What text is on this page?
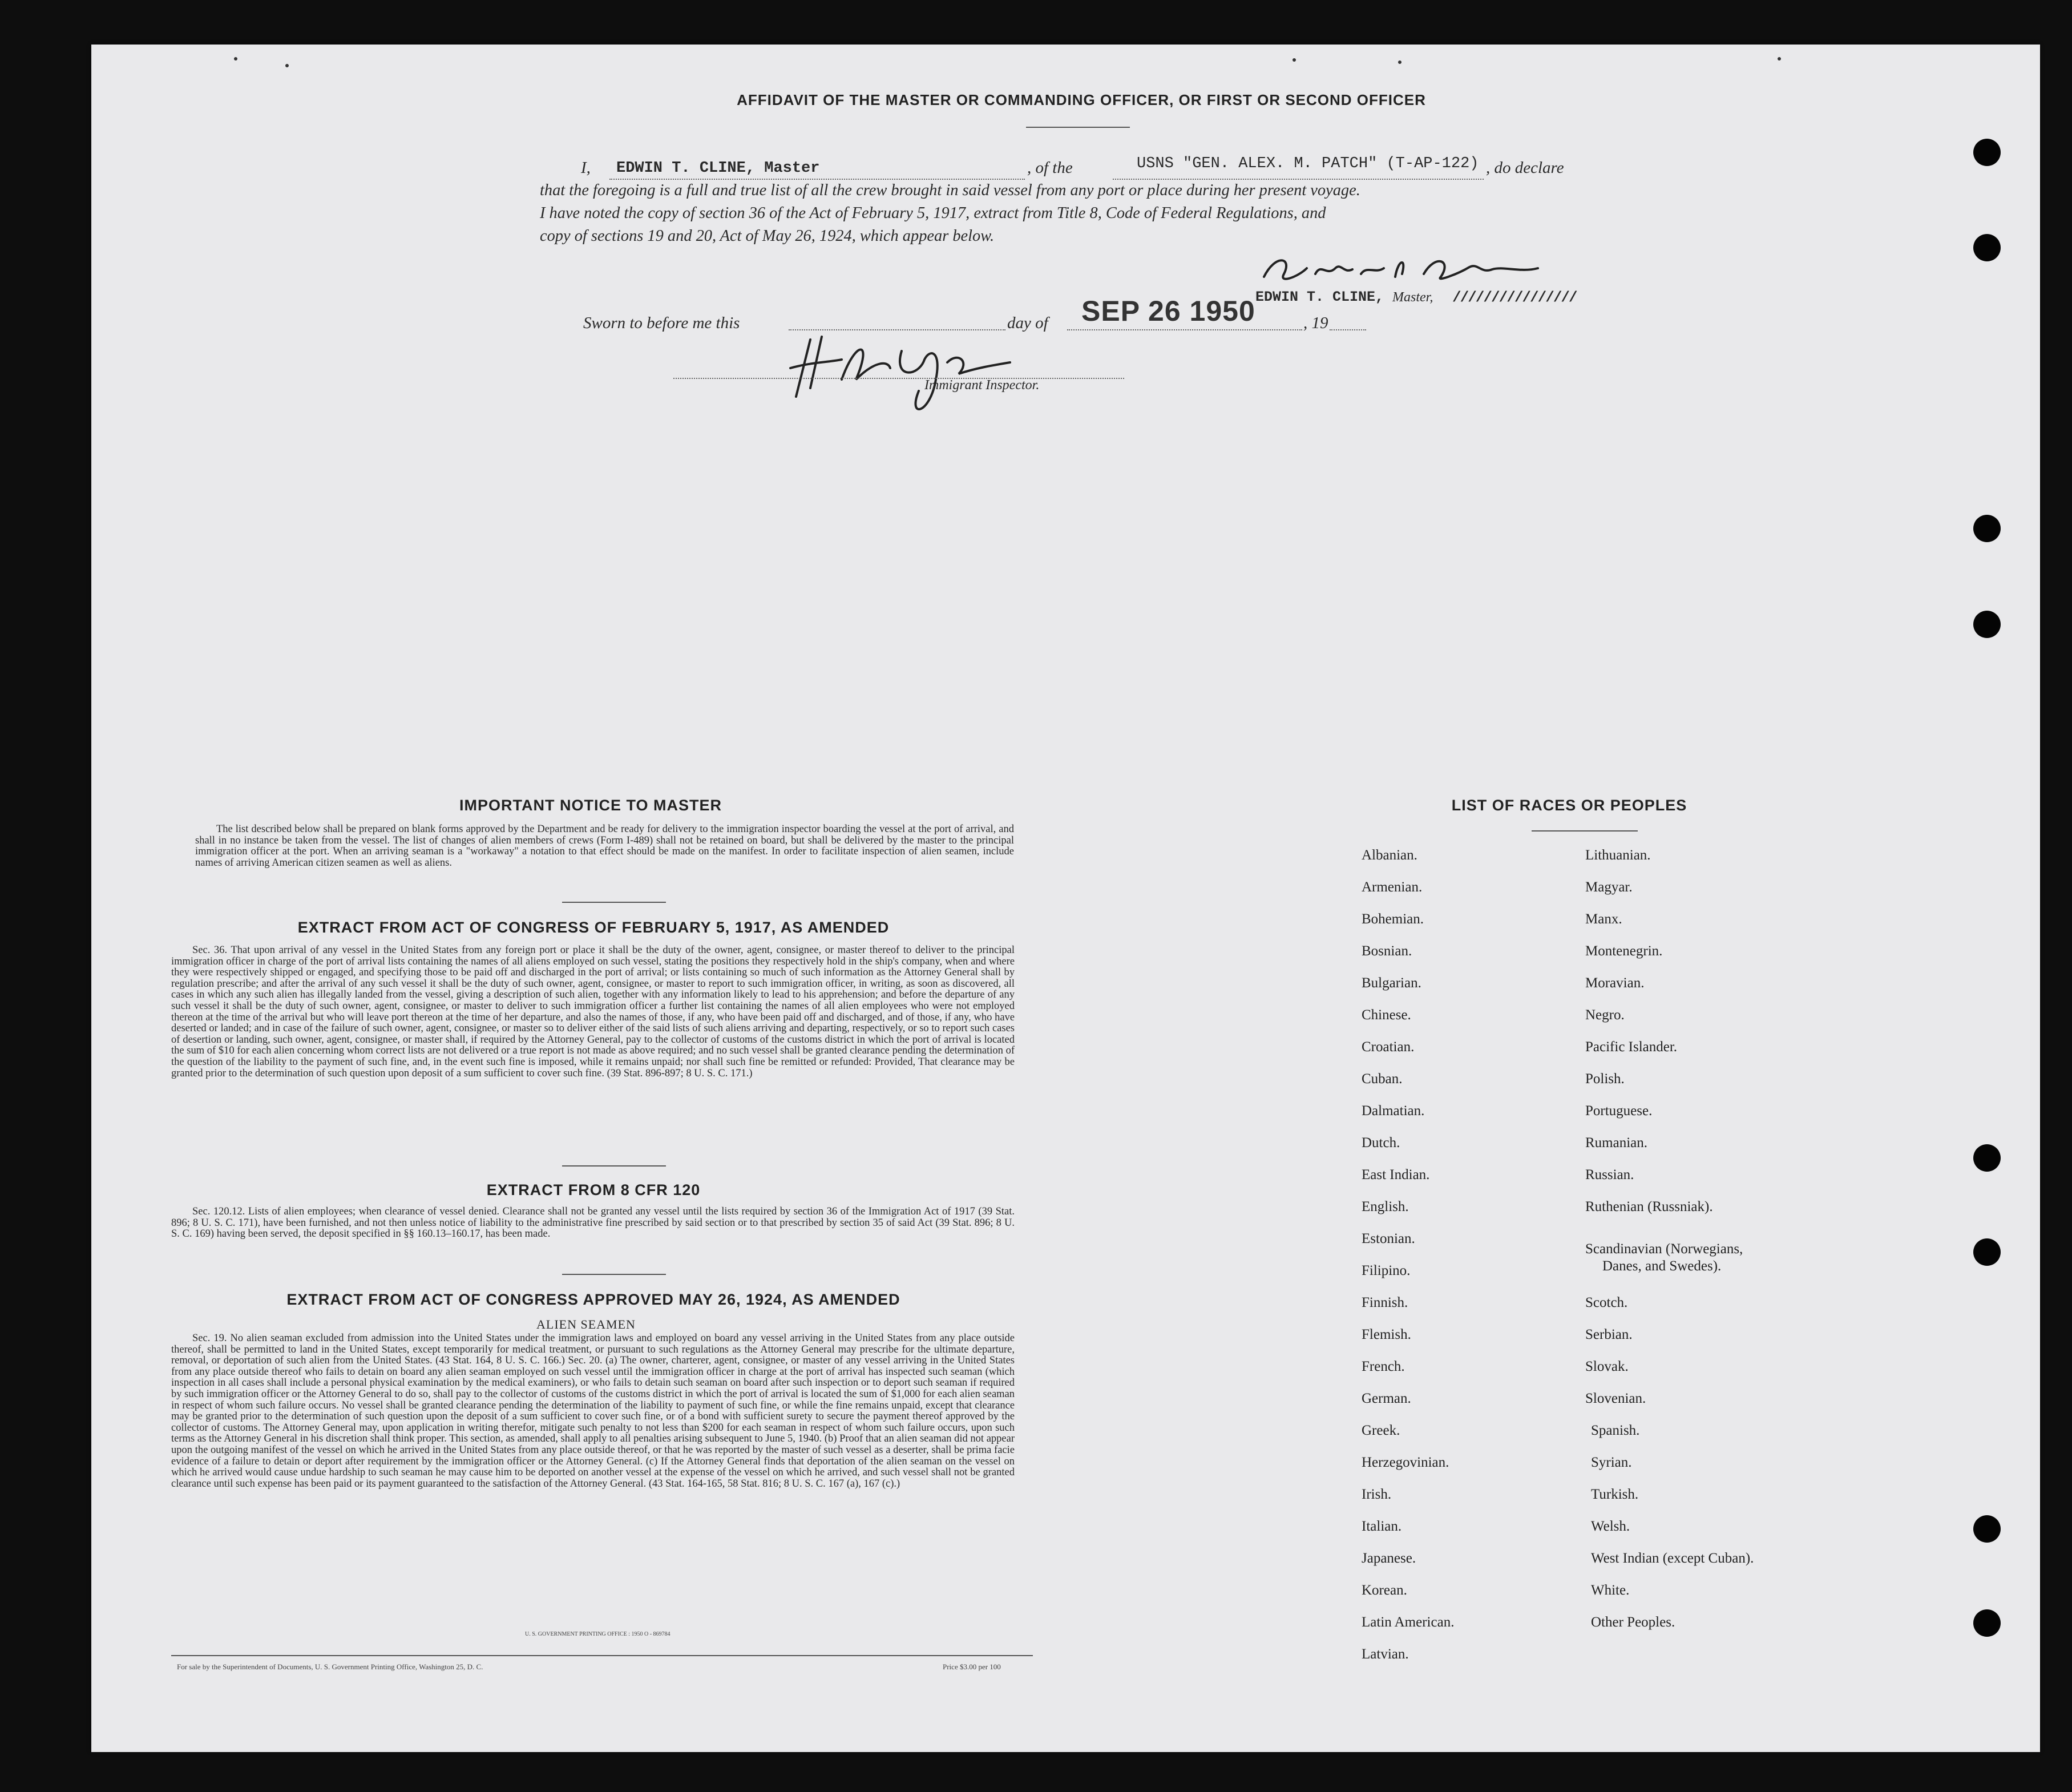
AFFIDAVIT OF THE MASTER OR COMMANDING OFFICER, OR FIRST OR SECOND OFFICER
I, EDWIN T. CLINE, Master	, of the	USNS "GEN. ALEX. M. PATCH" (T-AP-122) , do declare
that the foregoing is a full and true list of all the crew brought in said vessel from any port or place during her present voyage.
I have noted the copy of section 36 of the Act of February 5, 1917, extract from Title 8, Code of Federal Regulations, and
copy of sections 19 and 20, Act of May 26, 1924, which appear below.
Sworn to before me this	day of SEP 26 1950	, 19
EDWIN T. CLINE, Master, ////////////////
Immigrant Inspector.
IMPORTANT NOTICE TO MASTER

The list described below shall be prepared on blank forms approved by the Department and be ready for delivery to the immigration inspector boarding the vessel at the port of arrival, and shall in no instance be taken from the vessel. The list of changes of alien members of crews (Form I-489) shall not be retained on board, but shall be delivered by the master to the principal immigration officer at the port. When an arriving seaman is a "workaway" a notation to that effect should be made on the manifest. In order to facilitate inspection of alien seamen, include names of arriving American citizen seamen as well as aliens.

EXTRACT FROM ACT OF CONGRESS OF FEBRUARY 5, 1917, AS AMENDED

Sec. 36. That upon arrival of any vessel in the United States from any foreign port or place it shall be the duty of the owner, agent, consignee, or master thereof to deliver to the principal immigration officer in charge of the port of arrival lists containing the names of all aliens employed on such vessel, stating the positions they respectively hold in the ship's company, when and where they were respectively shipped or engaged, and specifying those to be paid off and discharged in the port of arrival; or lists containing so much of such information as the Attorney General shall by regulation prescribe; and after the arrival of any such vessel it shall be the duty of such owner, agent, consignee, or master to report to such immigration officer, in writing, as soon as discovered, all cases in which any such alien has illegally landed from the vessel, giving a description of such alien, together with any information likely to lead to his apprehension; and before the departure of any such vessel it shall be the duty of such owner, agent, consignee, or master to deliver to such immigration officer a further list containing the names of all alien employees who were not employed thereon at the time of the arrival but who will leave port thereon at the time of her departure, and also the names of those, if any, who have been paid off and discharged, and of those, if any, who have deserted or landed; and in case of the failure of such owner, agent, consignee, or master so to deliver either of the said lists of such aliens arriving and departing, respectively, or so to report such cases of desertion or landing, such owner, agent, consignee, or master shall, if required by the Attorney General, pay to the collector of customs of the customs district in which the port of arrival is located the sum of $10 for each alien concerning whom correct lists are not delivered or a true report is not made as above required; and no such vessel shall be granted clearance pending the determination of the question of the liability to the payment of such fine, and, in the event such fine is imposed, while it remains unpaid; nor shall such fine be remitted or refunded: Provided, That clearance may be granted prior to the determination of such question upon deposit of a sum sufficient to cover such fine. (39 Stat. 896-897; 8 U. S. C. 171.)

EXTRACT FROM 8 CFR 120

Sec. 120.12. Lists of alien employees; when clearance of vessel denied. Clearance shall not be granted any vessel until the lists required by section 36 of the Immigration Act of 1917 (39 Stat. 896; 8 U. S. C. 171), have been furnished, and not then unless notice of liability to the administrative fine prescribed by said section or to that prescribed by section 35 of said Act (39 Stat. 896; 8 U. S. C. 169) having been served, the deposit specified in §§ 160.13–160.17, has been made.

EXTRACT FROM ACT OF CONGRESS APPROVED MAY 26, 1924, AS AMENDED
ALIEN SEAMEN

Sec. 19. No alien seaman excluded from admission into the United States under the immigration laws and employed on board any vessel arriving in the United States from any place outside thereof, shall be permitted to land in the United States, except temporarily for medical treatment, or pursuant to such regulations as the Attorney General may prescribe for the ultimate departure, removal, or deportation of such alien from the United States. (43 Stat. 164, 8 U. S. C. 166.) Sec. 20. (a) The owner, charterer, agent, consignee, or master of any vessel arriving in the United States from any place outside thereof who fails to detain on board any alien seaman employed on such vessel until the immigration officer in charge at the port of arrival has inspected such seaman (which inspection in all cases shall include a personal physical examination by the medical examiners), or who fails to detain such seaman on board after such inspection or to deport such seaman if required by such immigration officer or the Attorney General to do so, shall pay to the collector of customs of the customs district in which the port of arrival is located the sum of $1,000 for each alien seaman in respect of whom such failure occurs. No vessel shall be granted clearance pending the determination of the liability to payment of such fine, or while the fine remains unpaid, except that clearance may be granted prior to the determination of such question upon the deposit of a sum sufficient to cover such fine, or of a bond with sufficient surety to secure the payment thereof approved by the collector of customs. The Attorney General may, upon application in writing therefor, mitigate such penalty to not less than $200 for each seaman in respect of whom such failure occurs, upon such terms as the Attorney General in his discretion shall think proper. This section, as amended, shall apply to all penalties arising subsequent to June 5, 1940. (b) Proof that an alien seaman did not appear upon the outgoing manifest of the vessel on which he arrived in the United States from any place outside thereof, or that he was reported by the master of such vessel as a deserter, shall be prima facie evidence of a failure to detain or deport after requirement by the immigration officer or the Attorney General. (c) If the Attorney General finds that deportation of the alien seaman on the vessel on which he arrived would cause undue hardship to such seaman he may cause him to be deported on another vessel at the expense of the vessel on which he arrived, and such vessel shall not be granted clearance until such expense has been paid or its payment guaranteed to the satisfaction of the Attorney General. (43 Stat. 164-165, 58 Stat. 816; 8 U. S. C. 167 (a), 167 (c).)

U. S. GOVERNMENT PRINTING OFFICE : 1950 O - 869784
For sale by the Superintendent of Documents, U. S. Government Printing Office, Washington 25, D. C.	Price $3.00 per 100
LIST OF RACES OR PEOPLES
Albanian.
Armenian.
Bohemian.
Bosnian.
Bulgarian.
Chinese.
Croatian.
Cuban.
Dalmatian.
Dutch.
East Indian.
English.
Estonian.
Filipino.
Finnish.
Flemish.
French.
German.
Greek.
Herzegovinian.
Irish.
Italian.
Japanese.
Korean.
Latin American.
Latvian.
Lithuanian.
Magyar.
Manx.
Montenegrin.
Moravian.
Negro.
Pacific Islander.
Polish.
Portuguese.
Rumanian.
Russian.
Ruthenian (Russniak).
Scandinavian (Norwegians,
Danes, and Swedes).
Scotch.
Serbian.
Slovak.
Slovenian.
Spanish.
Syrian.
Turkish.
Welsh.
West Indian (except Cuban).
White.
Other Peoples.
